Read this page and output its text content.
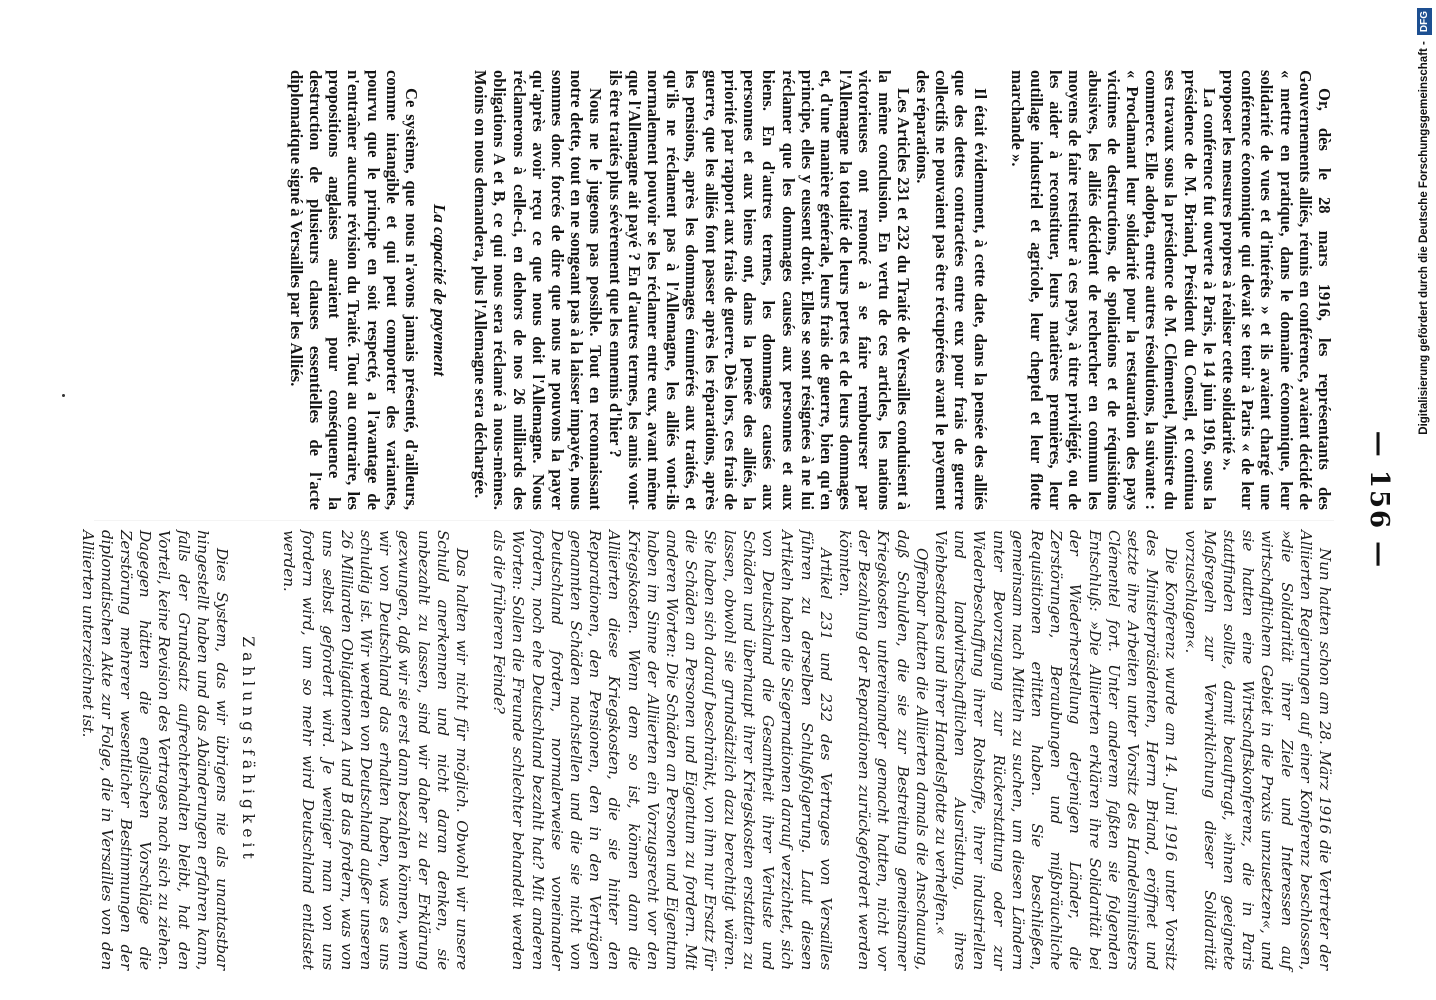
— 156 —

Or, dès le 28 mars 1916, les représentants des Gouvernements alliés, réunis en conférence, avaient décidé de « mettre en pratique, dans le domaine économique, leur solidarité de vues et d'intérêts » et ils avaient chargé une conférence économique qui devait se tenir à Paris « de leur proposer les mesures propres à réaliser cette solidarité ».

La conférence fut ouverte à Paris, le 14 juin 1916, sous la présidence de M. Briand, Président du Conseil, et continua ses travaux sous la présidence de M. Clémentel, Ministre du commerce. Elle adopta, entre autres résolutions, la suivante : « Proclamant leur solidarité pour la restauration des pays victimes de destructions, de spoliations et de réquisitions abusives, les alliés décident de rechercher en commun les moyens de faire restituer à ces pays, à titre privilégié, ou de les aider à reconstituer, leurs matières premières, leur outillage industriel et agricole, leur cheptel et leur flotte marchande ».

Il était évidemment, à cette date, dans la pensée des alliés que des dettes contractées entre eux pour frais de guerre collectifs ne pouvaient pas être récupérées avant le payement des réparations.

Les Articles 231 et 232 du Traité de Versailles conduisent à la même conclusion. En vertu de ces articles, les nations victorieuses ont renoncé à se faire rembourser par l'Allemagne la totalité de leurs pertes et de leurs dommages et, d'une manière générale, leurs frais de guerre, bien qu'en principe, elles y eussent droit. Elles se sont résignées à ne lui réclamer que les dommages causés aux personnes et aux biens. En d'autres termes, les dommages causés aux personnes et aux biens ont, dans la pensée des alliés, la priorité par rapport aux frais de guerre. Dès lors, ces frais de guerre, que les alliés font passer après les réparations, après les pensions, après les dommages énumérés aux traités, et qu'ils ne réclament pas à l'Allemagne, les alliés vont-ils normalement pouvoir se les réclamer entre eux, avant même que l'Allemagne ait payé ? En d'autres termes, les amis vont-ils être traités plus sévèrement que les ennemis d'hier ?

Nous ne le jugeons pas possible. Tout en reconnaissant notre dette, tout en ne songeant pas à la laisser impayée, nous sommes donc forcés de dire que nous ne pouvons la payer qu'après avoir reçu ce que nous doit l'Allemagne. Nous réclamerons à celle-ci, en dehors de nos 26 milliards des obligations A et B, ce qui nous sera réclamé à nous-mêmes. Moins on nous demandera, plus l'Allemagne sera déchargée.

La capacité de payement

Ce système, que nous n'avons jamais présenté, d'ailleurs, comme intangible et qui peut comporter des variantes, pourvu que le principe en soit respecté, a l'avantage de n'entraîner aucune révision du Traité. Tout au contraire, les propositions anglaises auraient pour conséquence la destruction de plusieurs clauses essentielles de l'acte diplomatique signé à Versailles par les Alliés.

Nun hatten schon am 28. März 1916 die Vertreter der Alliierten Regierungen auf einer Konferenz beschlossen, »die Solidarität ihrer Ziele und Interessen auf wirtschaftlichem Gebiet in die Praxis umzusetzen«, und sie hatten eine Wirtschaftskonferenz, die in Paris stattfinden sollte, damit beauftragt, »ihnen geeignete Maßregeln zur Verwirklichung dieser Solidarität vorzuschlagen«.

Die Konferenz wurde am 14. Juni 1916 unter Vorsitz des Ministerpräsidenten, Herrn Briand, eröffnet und setzte ihre Arbeiten unter Vorsitz des Handelsministers Clémentel fort. Unter anderem faßten sie folgenden Entschluß: »Die Alliierten erklären ihre Solidarität bei der Wiederherstellung derjenigen Länder, die Zerstörungen, Beraubungen und mißbräuchliche Requisitionen erlitten haben. Sie beschließen, gemeinsam nach Mitteln zu suchen, um diesen Ländern unter Bevorzugung zur Rückerstattung oder zur Wiederbeschaffung ihrer Rohstoffe, ihrer industriellen und landwirtschaftlichen Ausrüstung, ihres Viehbestandes und ihrer Handelsflotte zu verhelfen.«

Offenbar hatten die Alliierten damals die Anschauung, daß Schulden, die sie zur Bestreitung gemeinsamer Kriegskosten untereinander gemacht hatten, nicht vor der Bezahlung der Reparationen zurückgefordert werden könnten.

Artikel 231 und 232 des Vertrages von Versailles führen zu derselben Schlußfolgerung. Laut diesen Artikeln haben die Siegernationen darauf verzichtet, sich von Deutschland die Gesamtheit ihrer Verluste und Schäden und überhaupt ihrer Kriegskosten erstatten zu lassen, obwohl sie grundsätzlich dazu berechtigt wären. Sie haben sich darauf beschränkt, von ihm nur Ersatz für die Schäden an Personen und Eigentum zu fordern. Mit anderen Worten: Die Schäden an Personen und Eigentum haben im Sinne der Alliierten ein Vorzugsrecht vor den Kriegskosten. Wenn dem so ist, können dann die Alliierten diese Kriegskosten, die sie hinter den Reparationen, den Pensionen, den in den Verträgen genannten Schäden nachstellen und die sie nicht von Deutschland fordern, normalerweise voneinander fordern, noch ehe Deutschland bezahlt hat? Mit anderen Worten: Sollen die Freunde schlechter behandelt werden als die früheren Feinde?

Das halten wir nicht für möglich. Obwohl wir unsere Schuld anerkennen und nicht daran denken, sie unbezahlt zu lassen, sind wir daher zu der Erklärung gezwungen, daß wir sie erst dann bezahlen können, wenn wir von Deutschland das erhalten haben, was es uns schuldig ist. Wir werden von Deutschland außer unseren 26 Milliarden Obligationen A und B das fordern, was von uns selbst gefordert wird. Je weniger man von uns fordern wird, um so mehr wird Deutschland entlastet werden.

Zahlungsfähigkeit

Dies System, das wir übrigens nie als unantastbar hingestellt haben und das Abänderungen erfahren kann, falls der Grundsatz aufrechterhalten bleibt, hat den Vorteil, keine Revision des Vertrages nach sich zu ziehen. Dagegen hätten die englischen Vorschläge die Zerstörung mehrerer wesentlicher Bestimmungen der diplomatischen Akte zur Folge, die in Versailles von den Alliierten unterzeichnet ist.

Digitalisierung gefördert durch die Deutsche Forschungsgemeinschaft -
DFG
